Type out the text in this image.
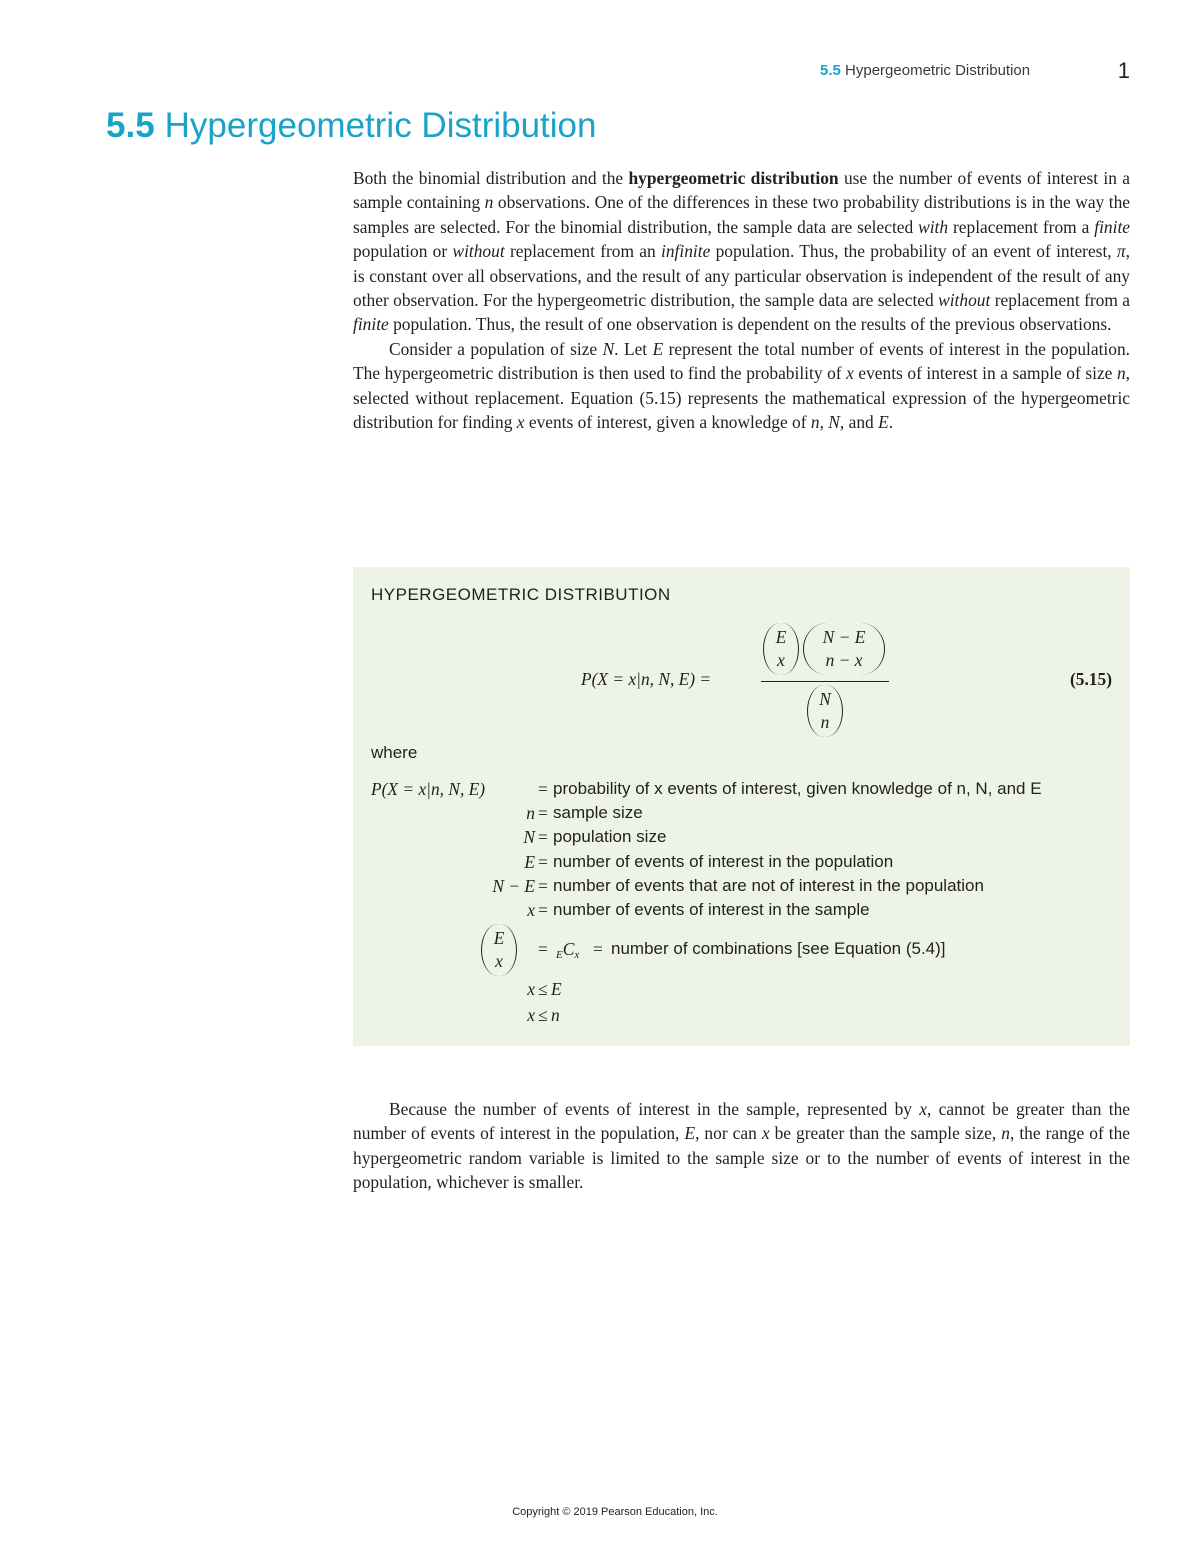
5.5 Hypergeometric Distribution	1
5.5 Hypergeometric Distribution

Both the binomial distribution and the hypergeometric distribution use the number of events of interest in a sample containing n observations. One of the differences in these two probability distributions is in the way the samples are selected. For the binomial distribution, the sample data are selected with replacement from a finite population or without replacement from an infinite population. Thus, the probability of an event of interest, π, is constant over all observations, and the result of any particular observation is independent of the result of any other observation. For the hypergeometric distribution, the sample data are selected without replacement from a finite population. Thus, the result of one observation is dependent on the results of the previous observations.

Consider a population of size N. Let E represent the total number of events of interest in the population. The hypergeometric distribution is then used to find the probability of x events of interest in a sample of size n, selected without replacement. Equation (5.15) represents the mathematical expression of the hypergeometric distribution for finding x events of interest, given a knowledge of n, N, and E.

HYPERGEOMETRIC DISTRIBUTION
P(X = x|n, N, E) =
E
x
N − E
n − x
N
n
(5.15)
where
P(X = x|n, N, E)	= probability of x events of interest, given knowledge of n, N, and E
n = sample size
N = population size
E = number of events of interest in the population
N − E = number of events that are not of interest in the population
x = number of events of interest in the sample
E
x
= $_EC_x$ = number of combinations [see Equation (5.4)]
x ≤ E
x ≤ n

Because the number of events of interest in the sample, represented by x, cannot be greater than the number of events of interest in the population, E, nor can x be greater than the sample size, n, the range of the hypergeometric random variable is limited to the sample size or to the number of events of interest in the population, whichever is smaller.

Copyright © 2019 Pearson Education, Inc.
